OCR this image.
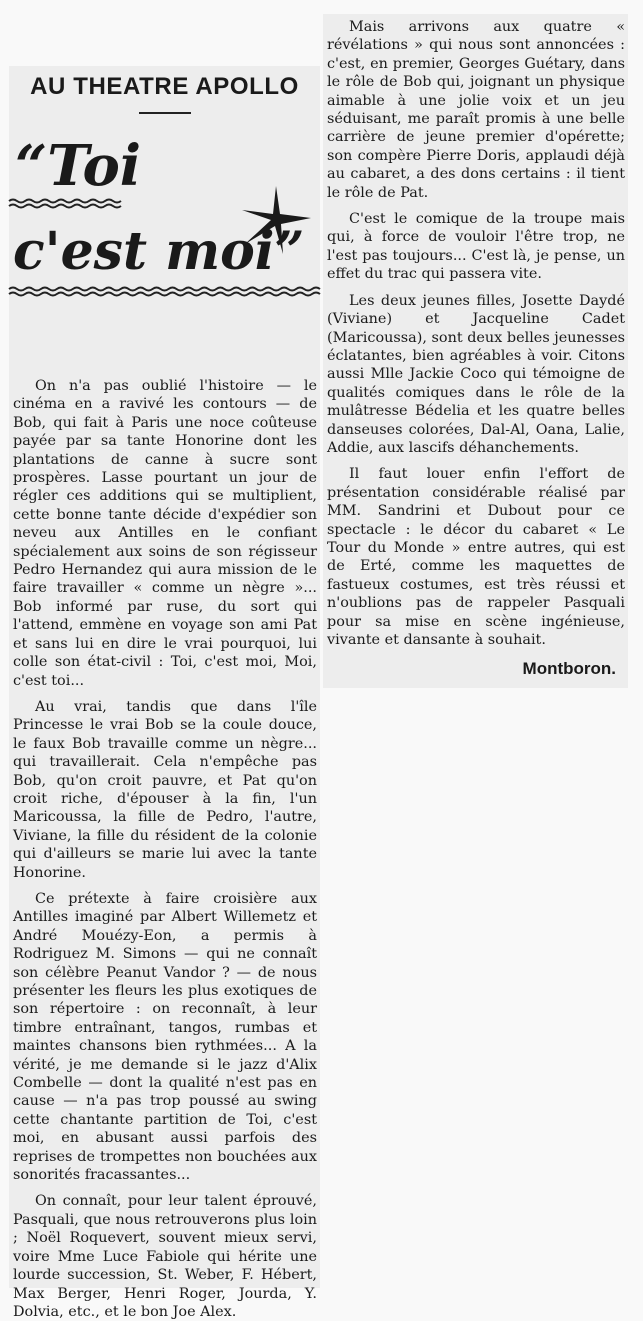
AU THEATRE APOLLO
“Toi
c'est moi”

On n'a pas oublié l'histoire — le cinéma en a ravivé les contours — de Bob, qui fait à Paris une noce coûteuse payée par sa tante Honorine dont les plantations de canne à sucre sont prospères. Lasse pourtant un jour de régler ces additions qui se multiplient, cette bonne tante décide d'expédier son neveu aux Antilles en le confiant spécialement aux soins de son régisseur Pedro Hernandez qui aura mission de le faire travailler « comme un nègre »... Bob informé par ruse, du sort qui l'attend, emmène en voyage son ami Pat et sans lui en dire le vrai pourquoi, lui colle son état-civil : Toi, c'est moi, Moi, c'est toi...

Au vrai, tandis que dans l'île Princesse le vrai Bob se la coule douce, le faux Bob travaille comme un nègre... qui travaillerait. Cela n'empêche pas Bob, qu'on croit pauvre, et Pat qu'on croit riche, d'épouser à la fin, l'un Maricoussa, la fille de Pedro, l'autre, Viviane, la fille du résident de la colonie qui d'ailleurs se marie lui avec la tante Honorine.

Ce prétexte à faire croisière aux Antilles imaginé par Albert Willemetz et André Mouézy-Eon, a permis à Rodriguez M. Simons — qui ne connaît son célèbre Peanut Vandor ? — de nous présenter les fleurs les plus exotiques de son répertoire : on reconnaît, à leur timbre entraînant, tangos, rumbas et maintes chansons bien rythmées... A la vérité, je me demande si le jazz d'Alix Combelle — dont la qualité n'est pas en cause — n'a pas trop poussé au swing cette chantante partition de Toi, c'est moi, en abusant aussi parfois des reprises de trompettes non bouchées aux sonorités fracassantes...

On connaît, pour leur talent éprouvé, Pasquali, que nous retrouverons plus loin ; Noël Roquevert, souvent mieux servi, voire Mme Luce Fabiole qui hérite une lourde succession, St. Weber, F. Hébert, Max Berger, Henri Roger, Jourda, Y. Dolvia, etc., et le bon Joe Alex.

Mais arrivons aux quatre « révélations » qui nous sont annoncées : c'est, en premier, Georges Guétary, dans le rôle de Bob qui, joignant un physique aimable à une jolie voix et un jeu séduisant, me paraît promis à une belle carrière de jeune premier d'opérette; son compère Pierre Doris, applaudi déjà au cabaret, a des dons certains : il tient le rôle de Pat.

C'est le comique de la troupe mais qui, à force de vouloir l'être trop, ne l'est pas toujours... C'est là, je pense, un effet du trac qui passera vite.

Les deux jeunes filles, Josette Daydé (Viviane) et Jacqueline Cadet (Maricoussa), sont deux belles jeunesses éclatantes, bien agréables à voir. Citons aussi Mlle Jackie Coco qui témoigne de qualités comiques dans le rôle de la mulâtresse Bédelia et les quatre belles danseuses colorées, Dal-Al, Oana, Lalie, Addie, aux lascifs déhanchements.

Il faut louer enfin l'effort de présentation considérable réalisé par MM. Sandrini et Dubout pour ce spectacle : le décor du cabaret « Le Tour du Monde » entre autres, qui est de Erté, comme les maquettes de fastueux costumes, est très réussi et n'oublions pas de rappeler Pasquali pour sa mise en scène ingénieuse, vivante et dansante à souhait.

Montboron.
